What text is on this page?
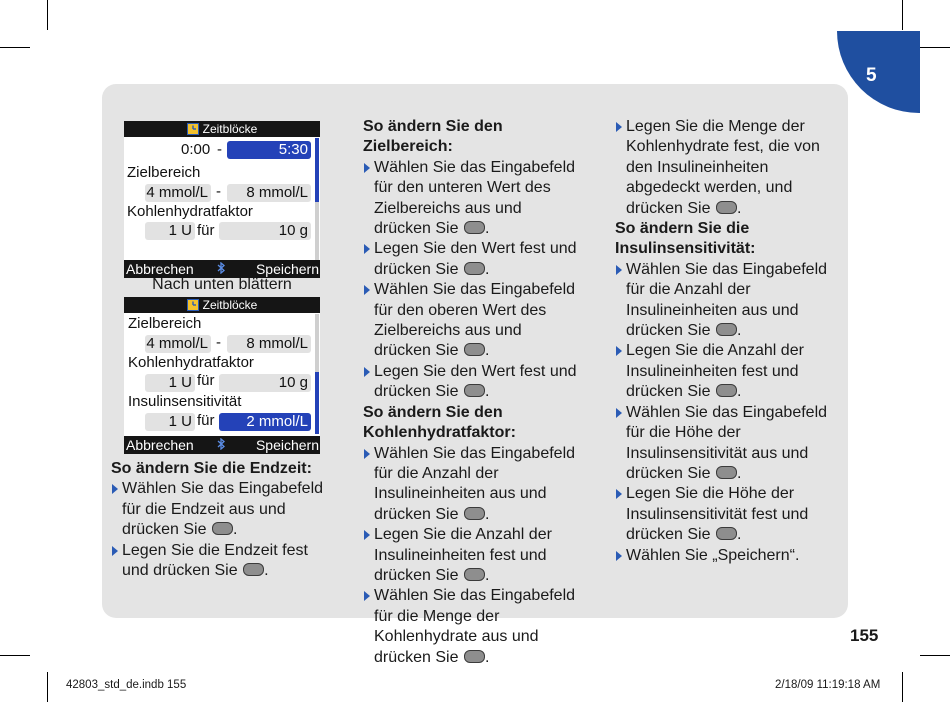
5
Zeitblöcke
0:00 -	5:30
Zielbereich
4 mmol/L -	8 mmol/L
Kohlenhydratfaktor
1 U für	10 g
Abbrechen	Speichern
Nach unten blättern
Zeitblöcke
Zielbereich
4 mmol/L -	8 mmol/L
Kohlenhydratfaktor
1 U für	10 g
Insulinsensitivität
1 U für	2 mmol/L
Abbrechen	Speichern
So ändern Sie die Endzeit:
Wählen Sie das Eingabefeld für die Endzeit aus und drücken Sie .
Legen Sie die Endzeit fest und drücken Sie .
So ändern Sie den Zielbereich:
Wählen Sie das Eingabefeld für den unteren Wert des Zielbereichs aus und drücken Sie .
Legen Sie den Wert fest und drücken Sie .
Wählen Sie das Eingabefeld für den oberen Wert des Zielbereichs aus und drücken Sie .
Legen Sie den Wert fest und drücken Sie .
So ändern Sie den Kohlenhydratfaktor:
Wählen Sie das Eingabefeld für die Anzahl der Insulineinheiten aus und drücken Sie .
Legen Sie die Anzahl der Insulineinheiten fest und drücken Sie .
Wählen Sie das Eingabefeld für die Menge der Kohlenhydrate aus und drücken Sie .
Legen Sie die Menge der Kohlenhydrate fest, die von den Insulineinheiten abgedeckt werden, und drücken Sie .
So ändern Sie die Insulinsensitivität:
Wählen Sie das Eingabefeld für die Anzahl der Insulineinheiten aus und drücken Sie .
Legen Sie die Anzahl der Insulineinheiten fest und drücken Sie .
Wählen Sie das Eingabefeld für die Höhe der Insulinsensitivität aus und drücken Sie .
Legen Sie die Höhe der Insulinsensitivität fest und drücken Sie .
Wählen Sie „Speichern“.
155
42803_std_de.indb 155	2/18/09 11:19:18 AM
